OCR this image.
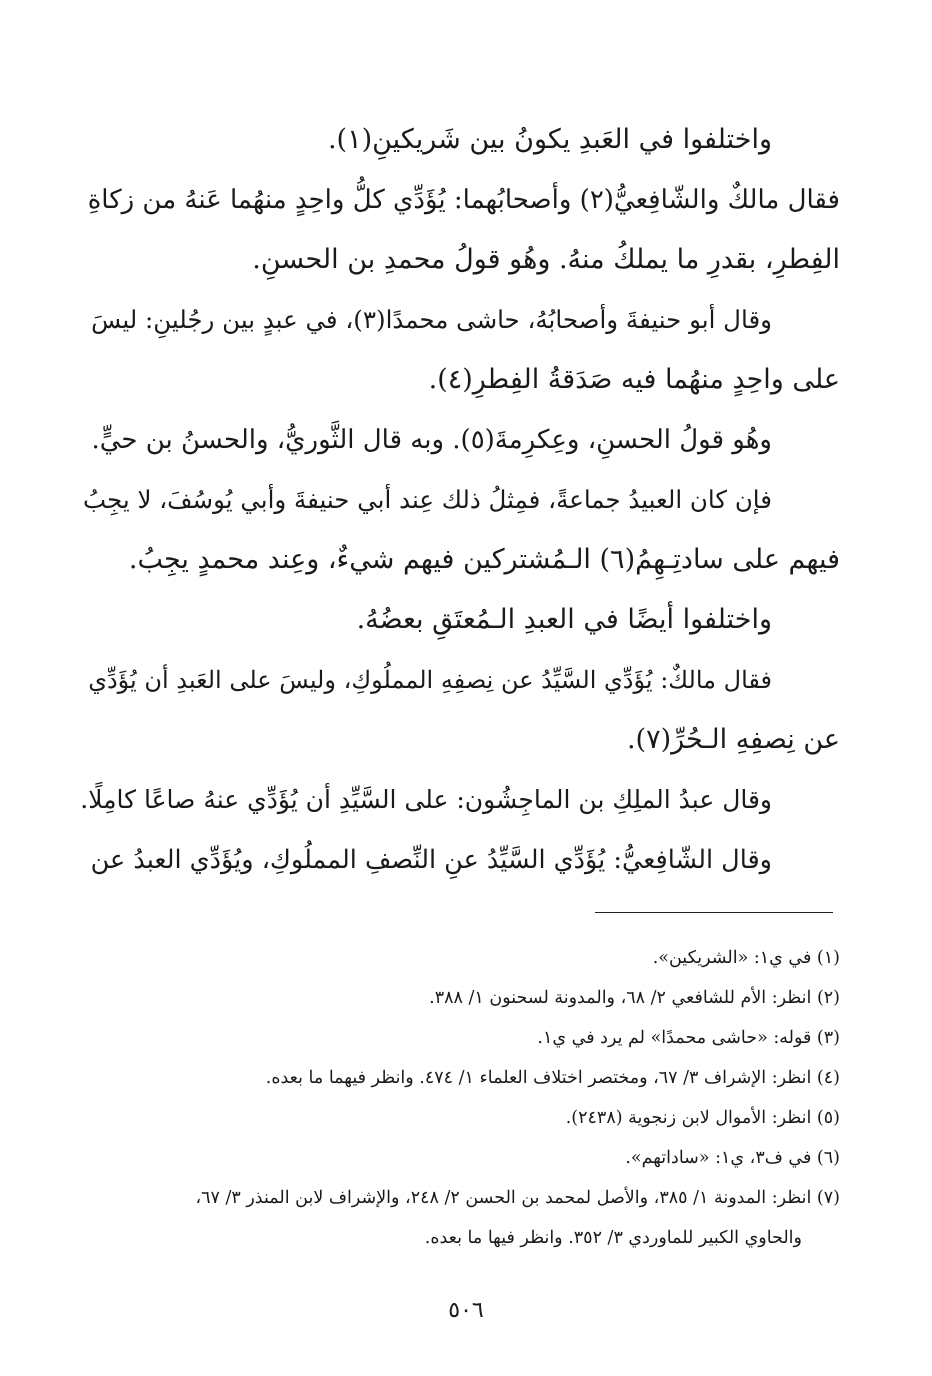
واختلفوا في العَبدِ يكونُ بين شَريكينِ(١).
فقال مالكٌ والشّافِعيُّ(٢) وأصحابُهما: يُؤَدِّي كلُّ واحِدٍ منهُما عَنهُ من زكاةِ
الفِطرِ، بقدرِ ما يملكُ منهُ. وهُو قولُ محمدِ بن الحسنِ.
وقال أبو حنيفةَ وأصحابُهُ، حاشى محمدًا(٣)، في عبدٍ بين رجُلينِ: ليسَ
على واحِدٍ منهُما فيه صَدَقةُ الفِطرِ(٤).
وهُو قولُ الحسنِ، وعِكرِمةَ(٥). وبه قال الثَّوريُّ، والحسنُ بن حيٍّ.
فإن كان العبيدُ جماعةً، فمِثلُ ذلك عِند أبي حنيفةَ وأبي يُوسُفَ، لا يجِبُ
فيهم على سادتِـهِمُ(٦) الـمُشتركين فيهم شيءٌ، وعِند محمدٍ يجِبُ.
واختلفوا أيضًا في العبدِ الـمُعتَقِ بعضُهُ.
فقال مالكٌ: يُؤَدِّي السَّيِّدُ عن نِصفِهِ المملُوكِ، وليسَ على العَبدِ أن يُؤَدِّي
عن نِصفِهِ الـحُرِّ(٧).
وقال عبدُ الملِكِ بن الماجِشُون: على السَّيِّدِ أن يُؤَدِّي عنهُ صاعًا كامِلًا.
وقال الشّافِعيُّ: يُؤَدِّي السَّيِّدُ عنِ النِّصفِ المملُوكِ، ويُؤَدِّي العبدُ عن
(١) في ي١: «الشريكين».
(٢) انظر: الأم للشافعي ٢/ ٦٨، والمدونة لسحنون ١/ ٣٨٨.
(٣) قوله: «حاشى محمدًا» لم يرد في ي١.
(٤) انظر: الإشراف ٣/ ٦٧، ومختصر اختلاف العلماء ١/ ٤٧٤. وانظر فيهما ما بعده.
(٥) انظر: الأموال لابن زنجوية (٢٤٣٨).
(٦) في ف٣، ي١: «ساداتهم».
(٧) انظر: المدونة ١/ ٣٨٥، والأصل لمحمد بن الحسن ٢/ ٢٤٨، والإشراف لابن المنذر ٣/ ٦٧،
والحاوي الكبير للماوردي ٣/ ٣٥٢. وانظر فيها ما بعده.
٥٠٦
